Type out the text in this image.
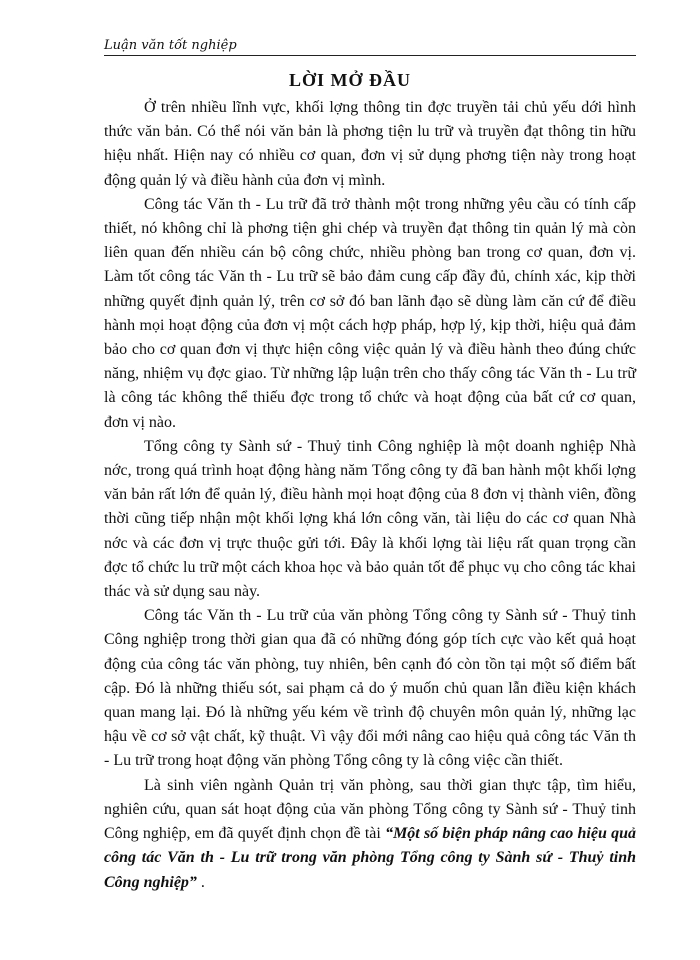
Luận văn tốt nghiệp
LỜI MỞ ĐẦU

Ở trên nhiều lĩnh vực, khối lợng thông tin đợc truyền tải chủ yếu dới hình thức văn bản. Có thể nói văn bản là phơng tiện lu trữ và truyền đạt thông tin hữu hiệu nhất. Hiện nay có nhiều cơ quan, đơn vị sử dụng phơng tiện này trong hoạt động quản lý và điều hành của đơn vị mình.

Công tác Văn th - Lu trữ đã trở thành một trong những yêu cầu có tính cấp thiết, nó không chỉ là phơng tiện ghi chép và truyền đạt thông tin quản lý mà còn liên quan đến nhiều cán bộ công chức, nhiều phòng ban trong cơ quan, đơn vị. Làm tốt công tác Văn th - Lu trữ sẽ bảo đảm cung cấp đầy đủ, chính xác, kịp thời những quyết định quản lý, trên cơ sở đó ban lãnh đạo sẽ dùng làm căn cứ để điều hành mọi hoạt động của đơn vị một cách hợp pháp, hợp lý, kịp thời, hiệu quả đảm bảo cho cơ quan đơn vị thực hiện công việc quản lý và điều hành theo đúng chức năng, nhiệm vụ đợc giao. Từ những lập luận trên cho thấy công tác Văn th - Lu trữ là công tác không thể thiếu đợc trong tổ chức và hoạt động của bất cứ cơ quan, đơn vị nào.

Tổng công ty Sành sứ - Thuỷ tinh Công nghiệp là một doanh nghiệp Nhà nớc, trong quá trình hoạt động hàng năm Tổng công ty đã ban hành một khối lợng văn bản rất lớn để quản lý, điều hành mọi hoạt động của 8 đơn vị thành viên, đồng thời cũng tiếp nhận một khối lợng khá lớn công văn, tài liệu do các cơ quan Nhà nớc và các đơn vị trực thuộc gửi tới. Đây là khối lợng tài liệu rất quan trọng cần đợc tổ chức lu trữ một cách khoa học và bảo quản tốt để phục vụ cho công tác khai thác và sử dụng sau này.

Công tác Văn th - Lu trữ của văn phòng Tổng công ty Sành sứ - Thuỷ tinh Công nghiệp trong thời gian qua đã có những đóng góp tích cực vào kết quả hoạt động của công tác văn phòng, tuy nhiên, bên cạnh đó còn tồn tại một số điểm bất cập. Đó là những thiếu sót, sai phạm cả do ý muốn chủ quan lẫn điều kiện khách quan mang lại. Đó là những yếu kém về trình độ chuyên môn quản lý, những lạc hậu về cơ sở vật chất, kỹ thuật. Vì vậy đổi mới nâng cao hiệu quả công tác Văn th - Lu trữ trong hoạt động văn phòng Tổng công ty là công việc cần thiết.

Là sinh viên ngành Quản trị văn phòng, sau thời gian thực tập, tìm hiểu, nghiên cứu, quan sát hoạt động của văn phòng Tổng công ty Sành sứ - Thuỷ tinh Công nghiệp, em đã quyết định chọn đề tài “Một số biện pháp nâng cao hiệu quả công tác Văn th - Lu trữ trong văn phòng Tổng công ty Sành sứ - Thuỷ tinh Công nghiệp” .
